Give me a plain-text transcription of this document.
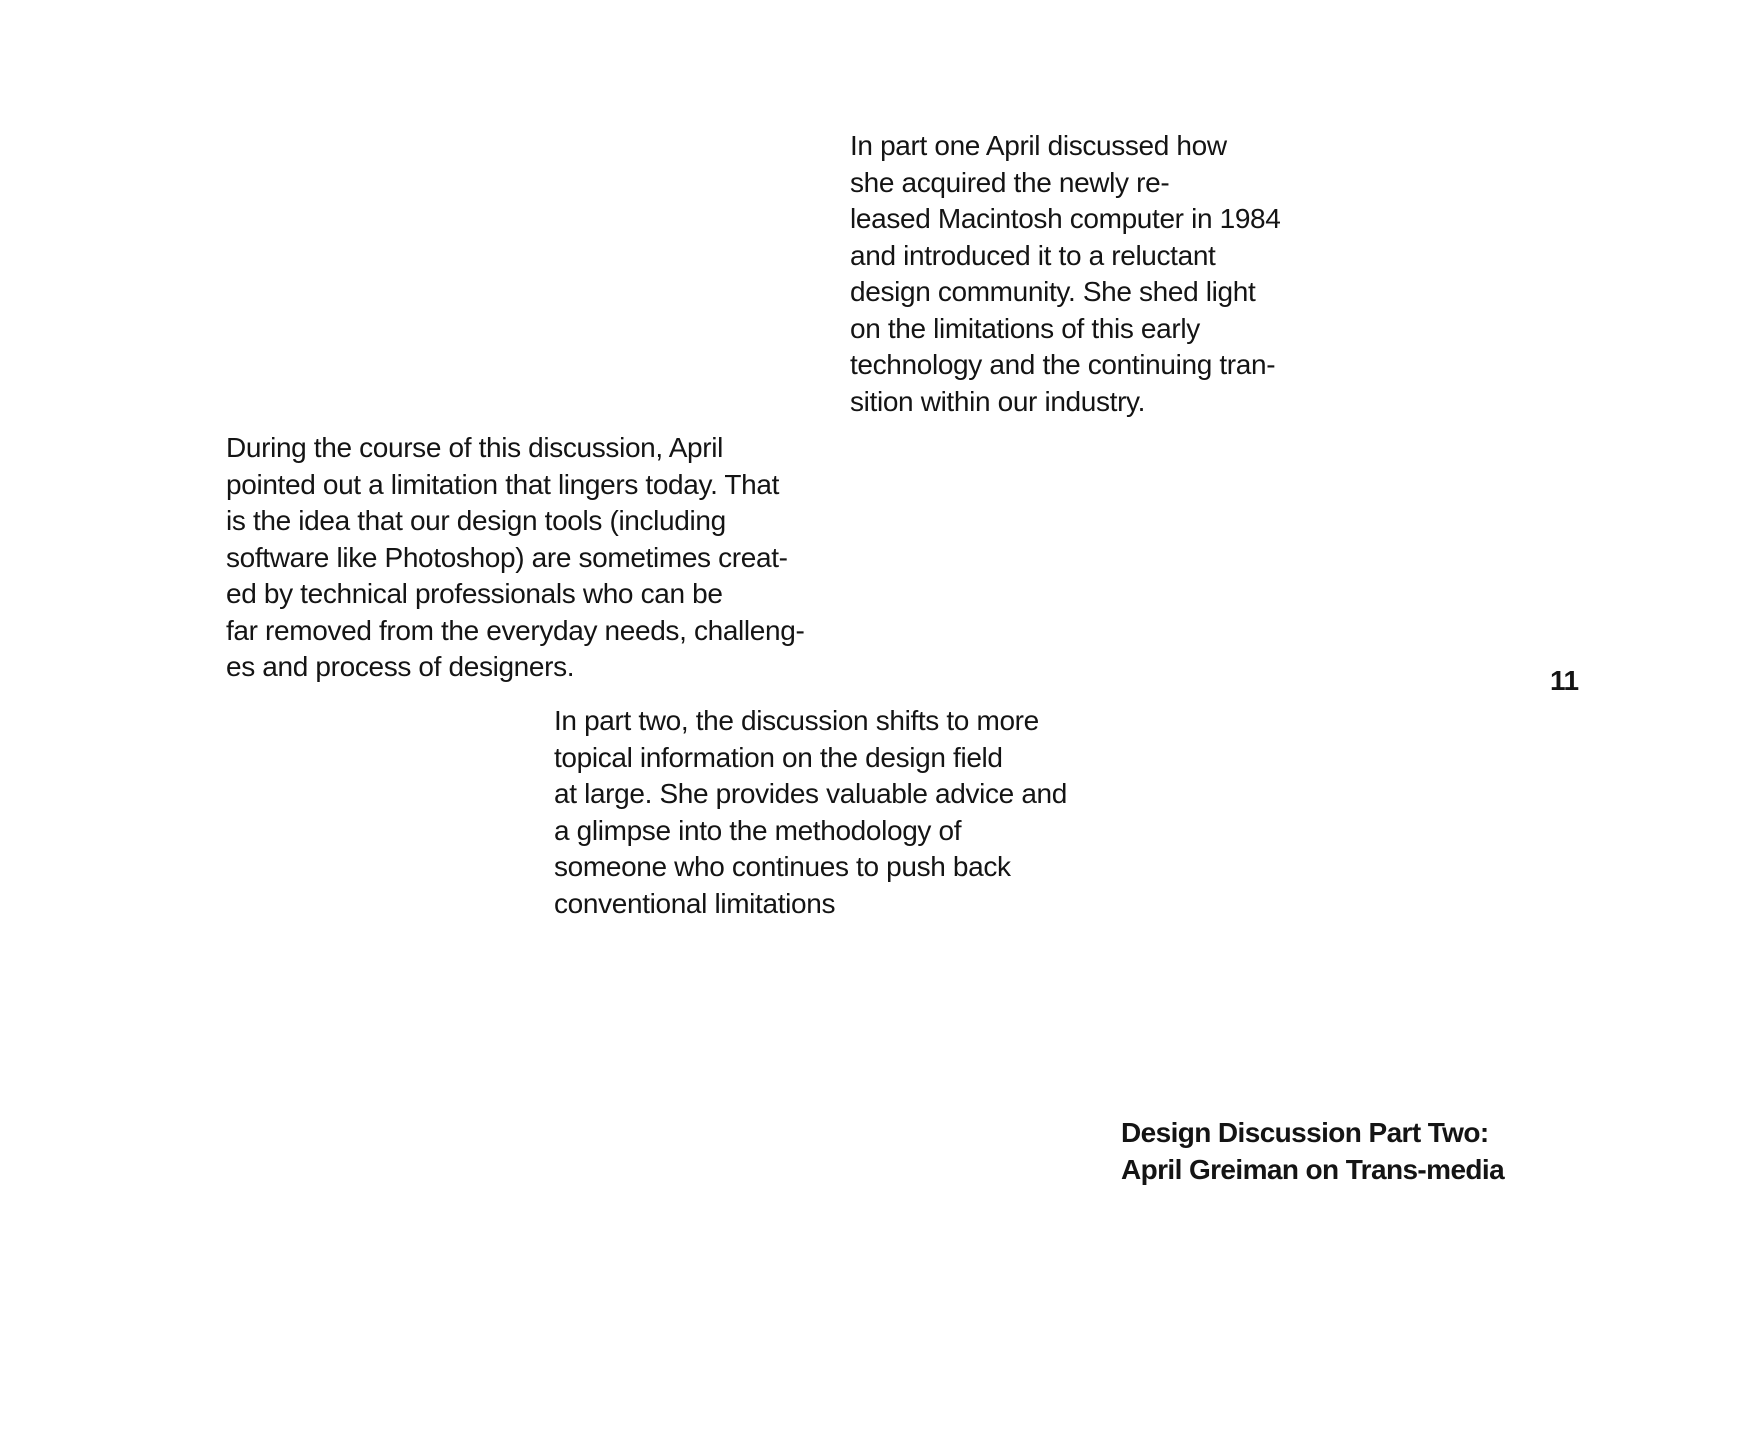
In part one April discussed how
she acquired the newly re-
leased Macintosh computer in 1984
and introduced it to a reluctant
design community. She shed light
on the limitations of this early
technology and the continuing tran-
sition within our industry.

During the course of this discussion, April
pointed out a limitation that lingers today. That
is the idea that our design tools (including
software like Photoshop) are sometimes creat-
ed by technical professionals who can be
far removed from the everyday needs, challeng-
es and process of designers.

In part two, the discussion shifts to more
topical information on the design field
at large. She provides valuable advice and
a glimpse into the methodology of
someone who continues to push back
conventional limitations

11

Design Discussion Part Two:
April Greiman on Trans-media
